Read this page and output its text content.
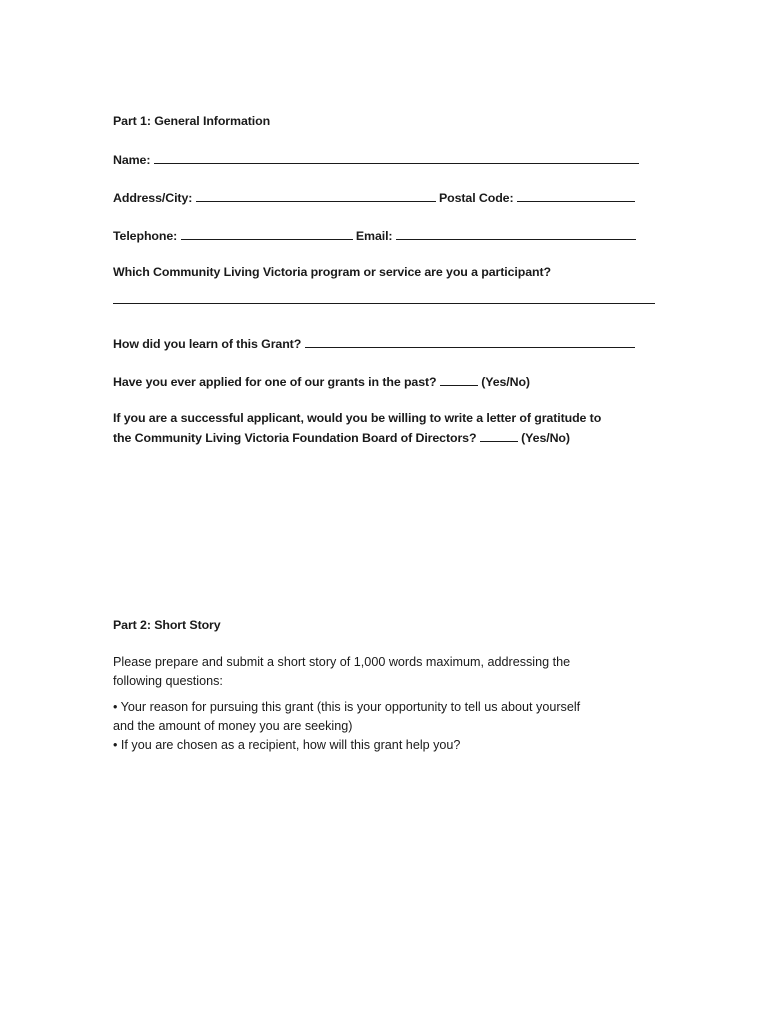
Part 1: General Information
Name:
Address/City:	Postal Code:
Telephone:	Email:
Which Community Living Victoria program or service are you a participant?
How did you learn of this Grant?
Have you ever applied for one of our grants in the past?	(Yes/No)
If you are a successful applicant, would you be willing to write a letter of gratitude to
the Community Living Victoria Foundation Board of Directors?	(Yes/No)
Part 2: Short Story
Please prepare and submit a short story of 1,000 words maximum, addressing the
following questions:
• Your reason for pursuing this grant (this is your opportunity to tell us about yourself
and the amount of money you are seeking)
• If you are chosen as a recipient, how will this grant help you?
